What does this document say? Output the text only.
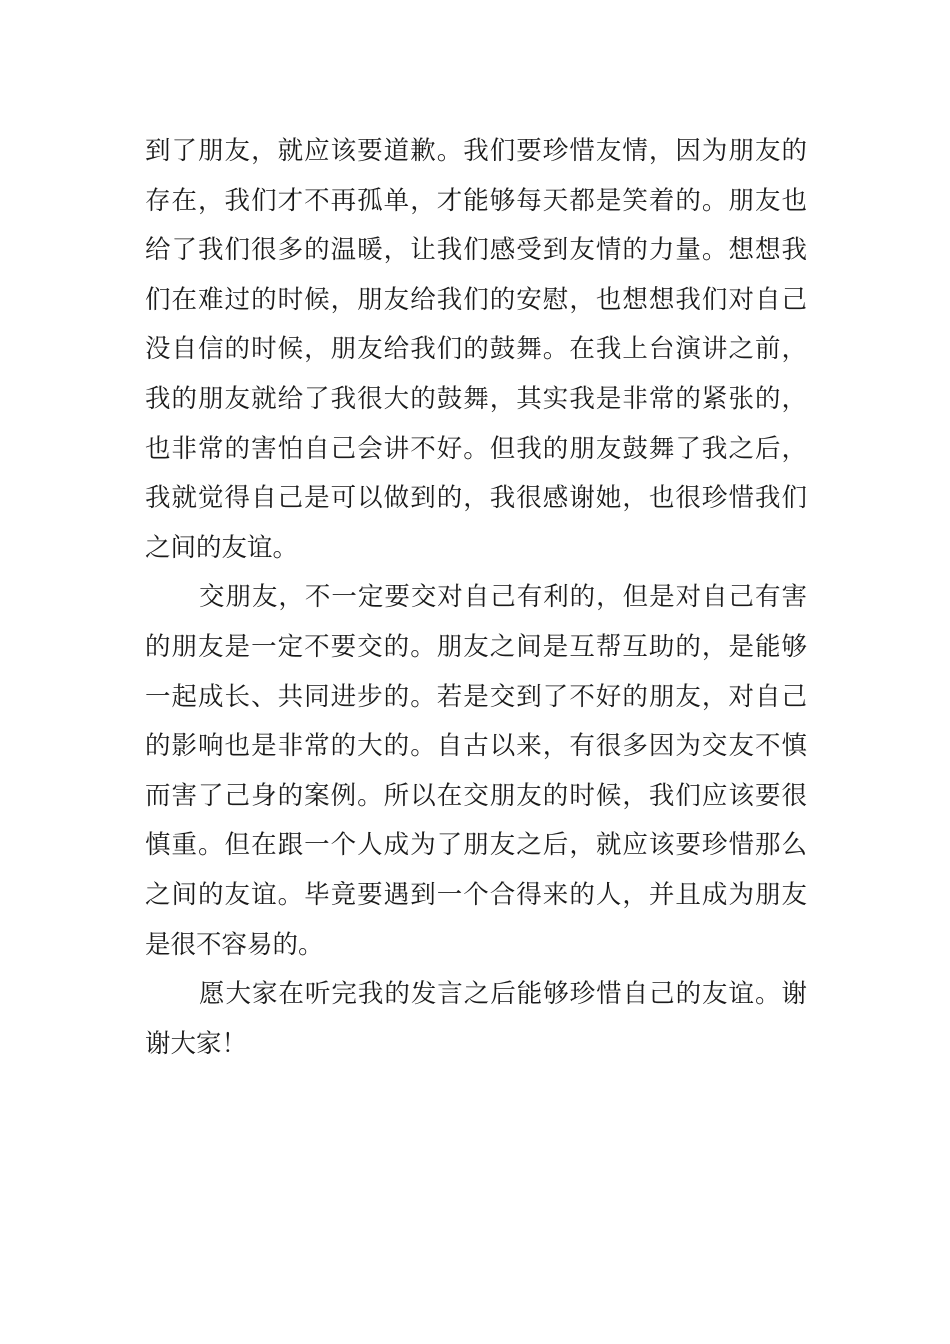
到了朋友，就应该要道歉。我们要珍惜友情，因为朋友的
存在，我们才不再孤单，才能够每天都是笑着的。朋友也
给了我们很多的温暖，让我们感受到友情的力量。想想我
们在难过的时候，朋友给我们的安慰，也想想我们对自己
没自信的时候，朋友给我们的鼓舞。在我上台演讲之前，
我的朋友就给了我很大的鼓舞，其实我是非常的紧张的，
也非常的害怕自己会讲不好。但我的朋友鼓舞了我之后，
我就觉得自己是可以做到的，我很感谢她，也很珍惜我们
之间的友谊。
交朋友，不一定要交对自己有利的，但是对自己有害
的朋友是一定不要交的。朋友之间是互帮互助的，是能够
一起成长、共同进步的。若是交到了不好的朋友，对自己
的影响也是非常的大的。自古以来，有很多因为交友不慎
而害了己身的案例。所以在交朋友的时候，我们应该要很
慎重。但在跟一个人成为了朋友之后，就应该要珍惜那么
之间的友谊。毕竟要遇到一个合得来的人，并且成为朋友
是很不容易的。
愿大家在听完我的发言之后能够珍惜自己的友谊。谢
谢大家！
